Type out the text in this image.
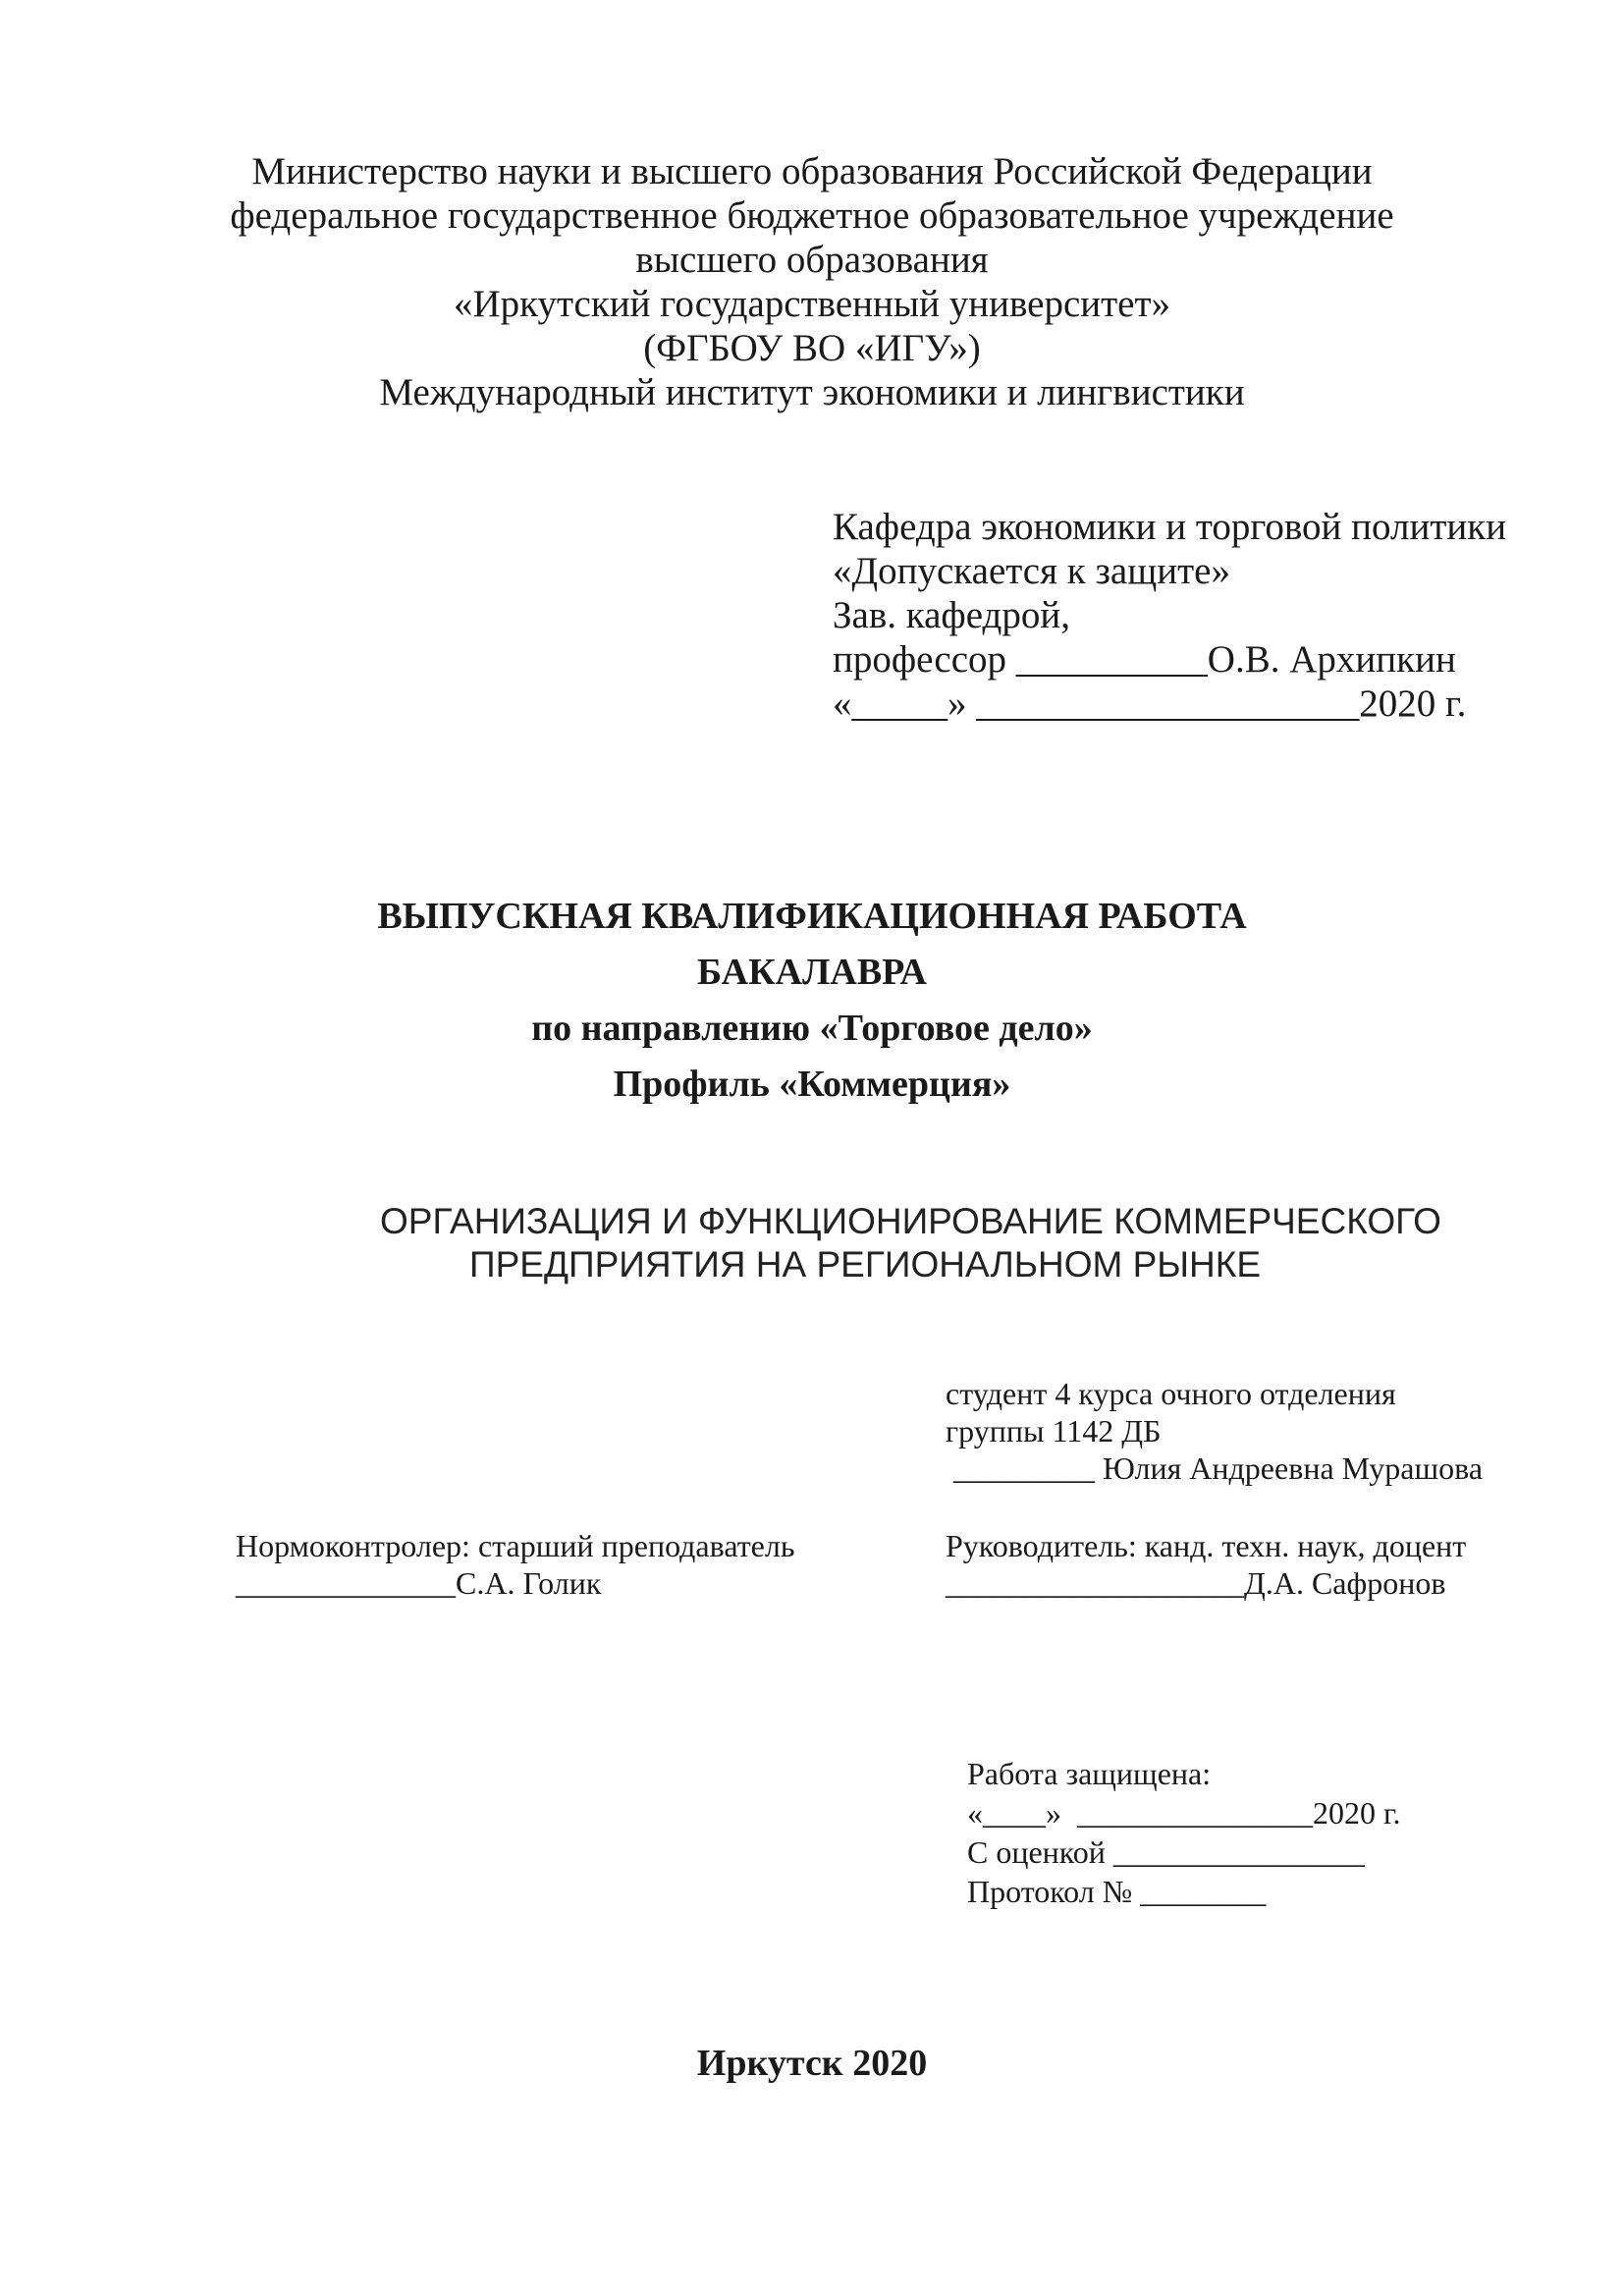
Министерство науки и высшего образования Российской Федерации
федеральное государственное бюджетное образовательное учреждение
высшего образования
«Иркутский государственный университет»
(ФГБОУ ВО «ИГУ»)
Международный институт экономики и лингвистики
Кафедра экономики и торговой политики
«Допускается к защите»
Зав. кафедрой,
профессор __________О.В. Архипкин
«_____» ____________________2020 г.
ВЫПУСКНАЯ КВАЛИФИКАЦИОННАЯ РАБОТА
БАКАЛАВРА
по направлению «Торговое дело»
Профиль «Коммерция»
ОРГАНИЗАЦИЯ И ФУНКЦИОНИРОВАНИЕ КОММЕРЧЕСКОГО
ПРЕДПРИЯТИЯ НА РЕГИОНАЛЬНОМ РЫНКЕ
студент 4 курса очного отделения
группы 1142 ДБ
_________ Юлия Андреевна Мурашова
Нормоконтролер: старший преподаватель
______________С.А. Голик
Руководитель: канд. техн. наук, доцент
___________________Д.А. Сафронов
Работа защищена:
«____»  _______________2020 г.
С оценкой ________________
Протокол № ________
Иркутск 2020
